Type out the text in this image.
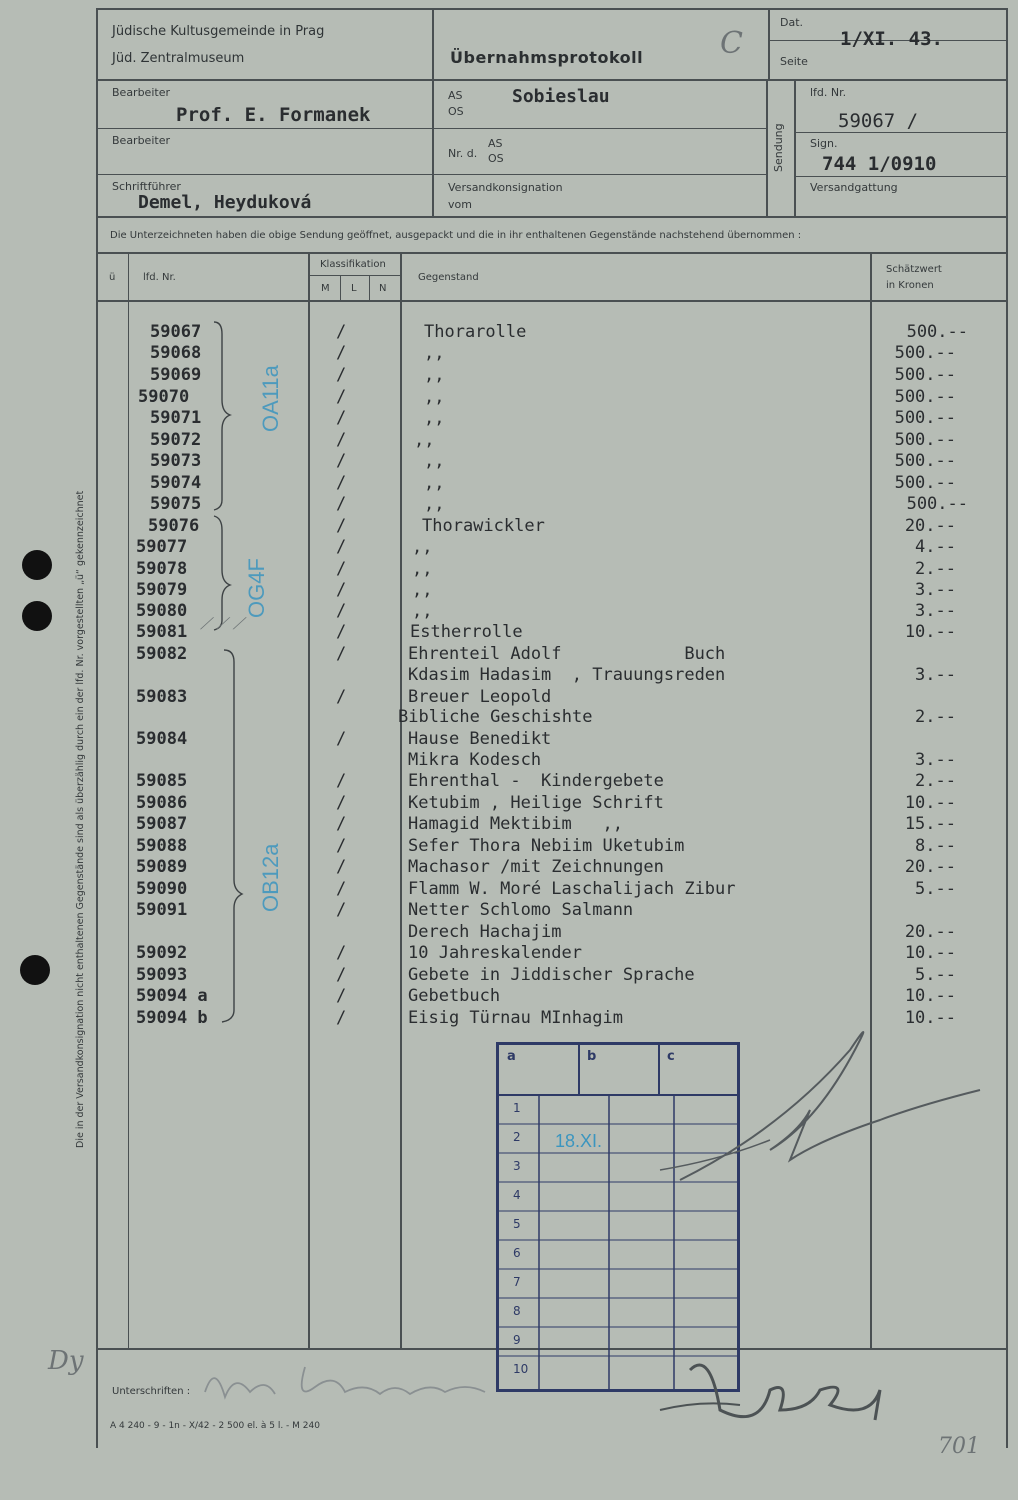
Jüdische Kultusgemeinde in Prag
Jüd. Zentralmuseum	Übernahmsprotokoll	C
Dat.
1/XI. 43.
Seite
Bearbeiter
Prof. E. Formanek
Bearbeiter
Schriftführer
Demel, Heyduková
AS
OS
Sobieslau
Nr. d.
AS
OS
Versandkonsignation
vom
Sendung
lfd. Nr.
59067 /
Sign.
744 1/0910
Versandgattung
Die Unterzeichneten haben die obige Sendung geöffnet, ausgepackt und die in ihr enthaltenen Gegenstände nachstehend übernommen :
ü	lfd. Nr.
Klassifikation
M L N
Gegenstand
Schätzwert
in Kronen
Die in der Versandkonsignation nicht enthaltenen Gegenstände sind als überzählig durch ein der lfd. Nr. vorgestellten „ü“ gekennzeichnet
59067	/	Thorarolle	500.--
59068	/	,,	500.--
59069	/	,,	500.--
59070	/	,,	500.--
59071	/	,,	500.--
59072	/	,,	500.--
59073	/	,,	500.--
59074	/	,,	500.--
59075	/	,,	500.--
59076	/	Thorawickler	20.--
59077	/	,,	4.--
59078	/	,,	2.--
59079	/	,,	3.--
59080	/	,,	3.--
59081	/	Estherrolle	10.--
59082	/	Ehrenteil Adolf            Buch
Kdasim Hadasim  , Trauungsreden	3.--
59083	/	Breuer Leopold
Bibliche Geschishte	2.--
59084	/	Hause Benedikt
Mikra Kodesch	3.--
59085	/	Ehrenthal -  Kindergebete	2.--
59086	/	Ketubim , Heilige Schrift	10.--
59087	/	Hamagid Mektibim   ,,	15.--
59088	/	Sefer Thora Nebiim Uketubim	8.--
59089	/	Machasor /mit Zeichnungen	20.--
59090	/	Flamm W. Moré Laschalijach Zibur	5.--
59091	/	Netter Schlomo Salmann
Derech Hachajim	20.--
59092	/	10 Jahreskalender	10.--
59093	/	Gebete in Jiddischer Sprache	5.--
59094 a	/	Gebetbuch	10.--
59094 b	/	Eisig Türnau MInhagim	10.--
OA11a
OG4F
OB12a
⟋ ⟋ ⟋
a	b	c
1
2
3
4
5
6
7
8
9
10
18.XI.
Unterschriften :
A 4 240 - 9 - 1n - X/42 - 2 500 el. à 5 l. - M 240
Dy
701
